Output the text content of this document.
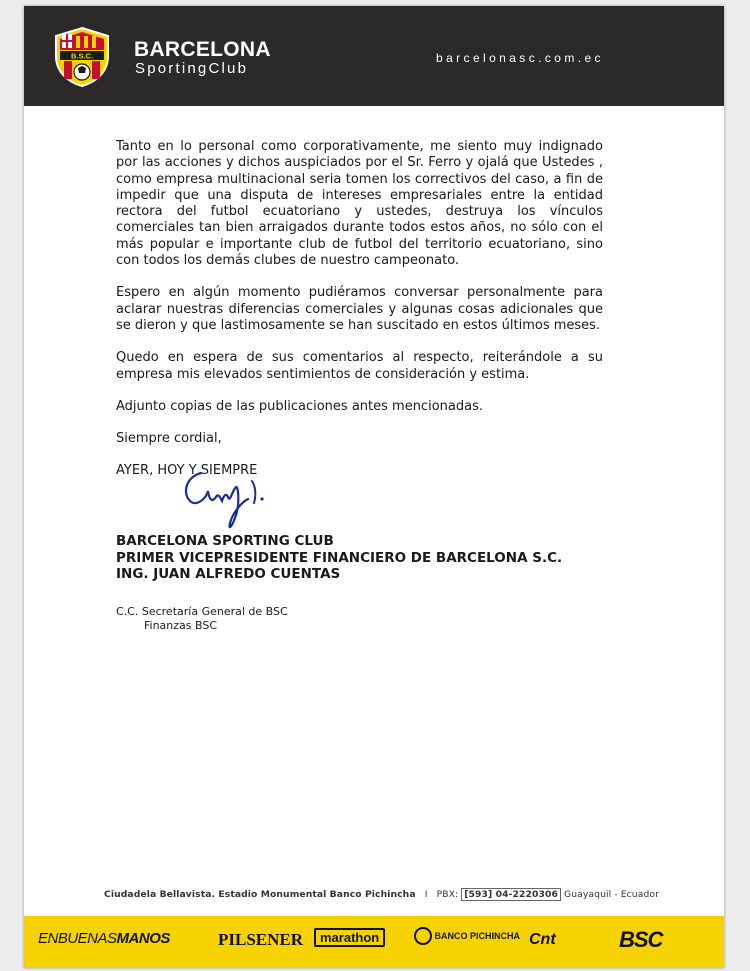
B.S.C. BARCELONA
SportingClub
barcelonasc.com.ec

Tanto en lo personal como corporativamente, me siento muy indignado por las acciones y dichos auspiciados por el Sr. Ferro y ojalá que Ustedes , como empresa multinacional seria tomen los correctivos del caso, a fin de impedir que una disputa de intereses empresariales entre la entidad rectora del futbol ecuatoriano y ustedes, destruya los vínculos comerciales tan bien arraigados durante todos estos años, no sólo con el más popular e importante club de futbol del territorio ecuatoriano, sino con todos los demás clubes de nuestro campeonato.

Espero en algún momento pudiéramos conversar personalmente para aclarar nuestras diferencias comerciales y algunas cosas adicionales que se dieron y que lastimosamente se han suscitado en estos últimos meses.

Quedo en espera de sus comentarios al respecto, reiterándole a su empresa mis elevados sentimientos de consideración y estima.

Adjunto copias de las publicaciones antes mencionadas.

Siempre cordial,

AYER, HOY Y SIEMPRE
BARCELONA SPORTING CLUB
PRIMER VICEPRESIDENTE FINANCIERO DE BARCELONA S.C.
ING. JUAN ALFREDO CUENTAS
C.C. Secretaría General de BSC
Finanzas BSC
Ciudadela Bellavista. Estadio Monumental Banco Pichincha I PBX: [593] 04-2220306 Guayaquil - Ecuador
ENBUENASMANOS	PILSENER	marathon	BANCO PICHINCHA Cnt	BSC
